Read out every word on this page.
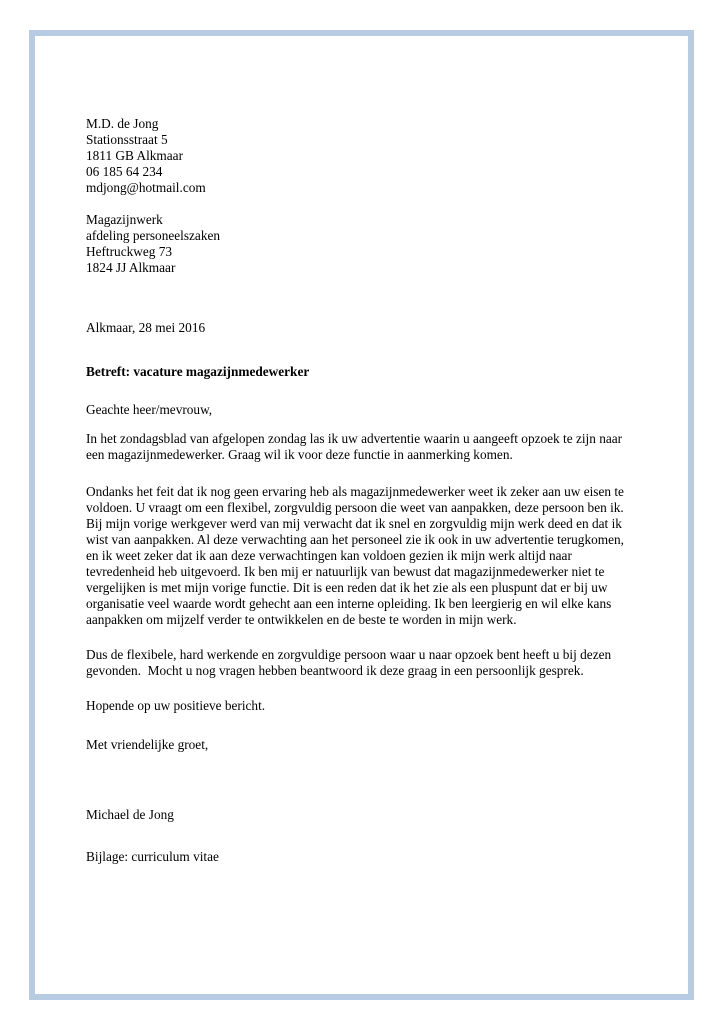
M.D. de Jong
Stationsstraat 5
1811 GB Alkmaar
06 185 64 234
mdjong@hotmail.com
Magazijnwerk
afdeling personeelszaken
Heftruckweg 73
1824 JJ Alkmaar
Alkmaar, 28 mei 2016
Betreft: vacature magazijnmedewerker
Geachte heer/mevrouw,
In het zondagsblad van afgelopen zondag las ik uw advertentie waarin u aangeeft opzoek te zijn naar
een magazijnmedewerker. Graag wil ik voor deze functie in aanmerking komen.
Ondanks het feit dat ik nog geen ervaring heb als magazijnmedewerker weet ik zeker aan uw eisen te
voldoen. U vraagt om een flexibel, zorgvuldig persoon die weet van aanpakken, deze persoon ben ik.
Bij mijn vorige werkgever werd van mij verwacht dat ik snel en zorgvuldig mijn werk deed en dat ik
wist van aanpakken. Al deze verwachting aan het personeel zie ik ook in uw advertentie terugkomen,
en ik weet zeker dat ik aan deze verwachtingen kan voldoen gezien ik mijn werk altijd naar
tevredenheid heb uitgevoerd. Ik ben mij er natuurlijk van bewust dat magazijnmedewerker niet te
vergelijken is met mijn vorige functie. Dit is een reden dat ik het zie als een pluspunt dat er bij uw
organisatie veel waarde wordt gehecht aan een interne opleiding. Ik ben leergierig en wil elke kans
aanpakken om mijzelf verder te ontwikkelen en de beste te worden in mijn werk.
Dus de flexibele, hard werkende en zorgvuldige persoon waar u naar opzoek bent heeft u bij dezen
gevonden.  Mocht u nog vragen hebben beantwoord ik deze graag in een persoonlijk gesprek.
Hopende op uw positieve bericht.
Met vriendelijke groet,
Michael de Jong
Bijlage: curriculum vitae
